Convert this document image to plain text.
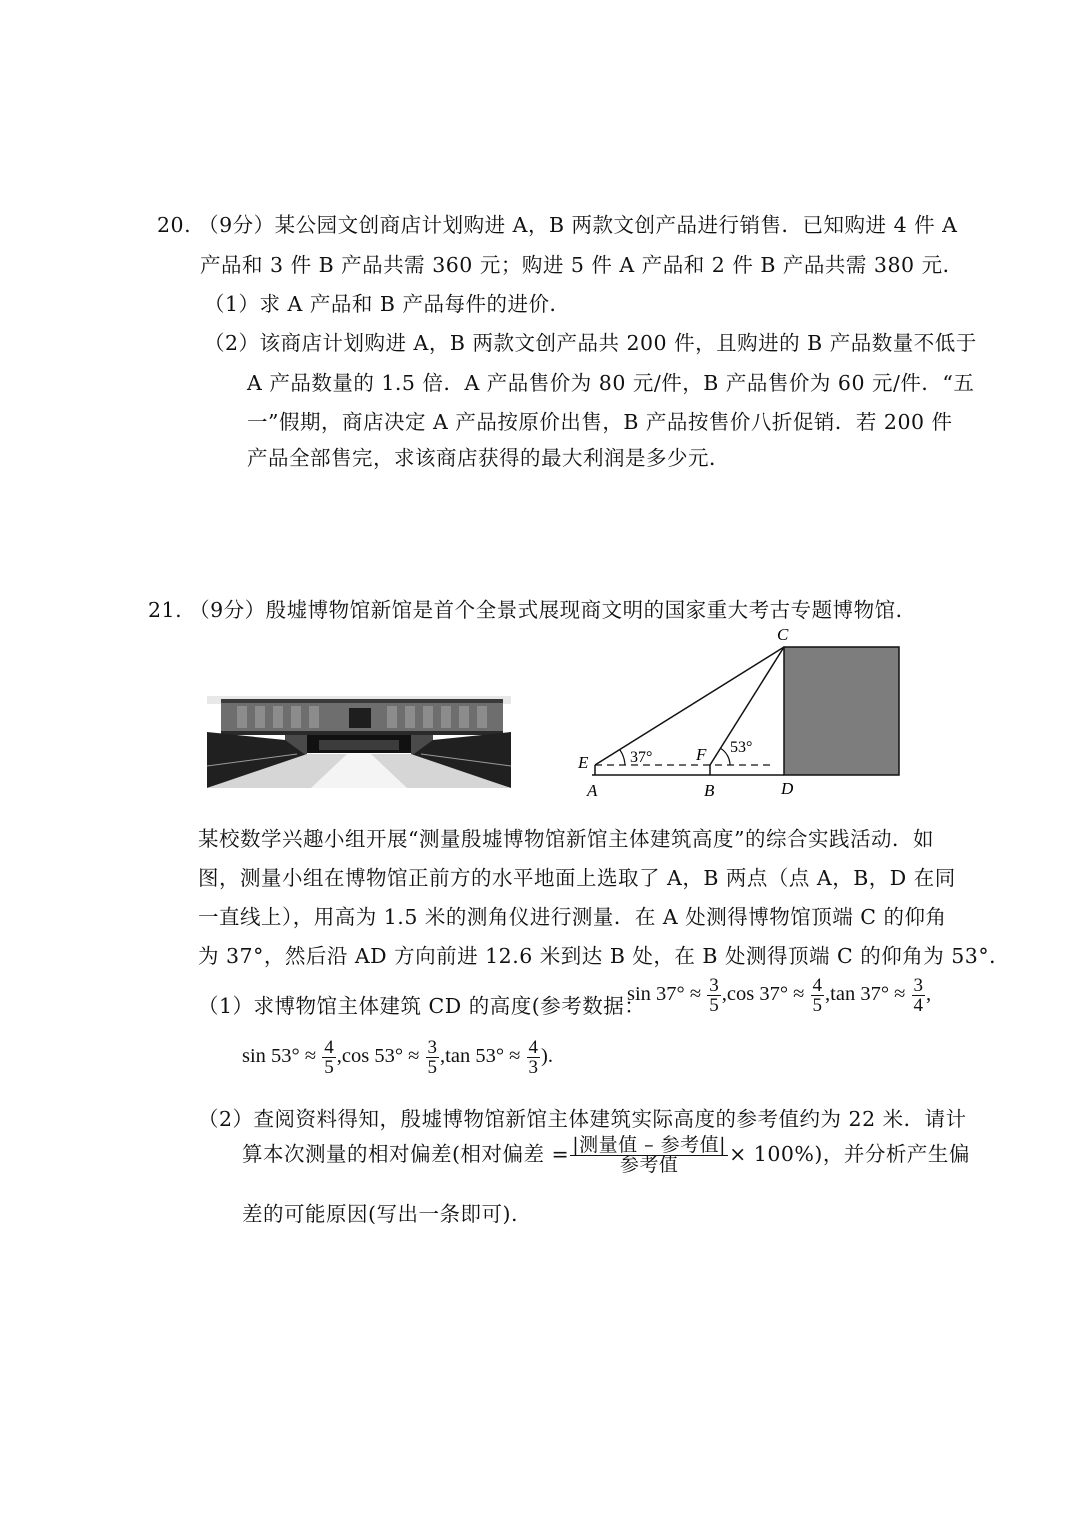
20. （9分）某公园文创商店计划购进 A，B 两款文创产品进行销售．已知购进 4 件 A
产品和 3 件 B 产品共需 360 元；购进 5 件 A 产品和 2 件 B 产品共需 380 元．
（1）求 A 产品和 B 产品每件的进价．
（2）该商店计划购进 A，B 两款文创产品共 200 件，且购进的 B 产品数量不低于
A 产品数量的 1.5 倍．A 产品售价为 80 元/件，B 产品售价为 60 元/件．“五
一”假期，商店决定 A 产品按原价出售，B 产品按售价八折促销．若 200 件
产品全部售完，求该商店获得的最大利润是多少元．
21. （9分）殷墟博物馆新馆是首个全景式展现商文明的国家重大考古专题博物馆．
C
E	F
A	B	D
37°
53°
某校数学兴趣小组开展“测量殷墟博物馆新馆主体建筑高度”的综合实践活动．如
图，测量小组在博物馆正前方的水平地面上选取了 A，B 两点（点 A，B，D 在同
一直线上），用高为 1.5 米的测角仪进行测量．在 A 处测得博物馆顶端 C 的仰角
为 37°，然后沿 AD 方向前进 12.6 米到达 B 处，在 B 处测得顶端 C 的仰角为 53°．
（1）求博物馆主体建筑 CD 的高度(参考数据：
$\sin 37^\circ \approx \frac{3}{5} ,\cos$ $37^\circ \approx \frac{4}{5} ,\tan$ $37^\circ \approx \frac{3}{4}$ ,
$\sin 53^\circ \approx \frac{4}{5} ,\cos$ $53^\circ \approx \frac{3}{5} ,\tan$ $53^\circ \approx \frac{4}{3}$ ).
（2）查阅资料得知，殷墟博物馆新馆主体建筑实际高度的参考值约为 22 米．请计
算本次测量的相对偏差(相对偏差 = $\frac{\text{|测量值 – 参考值|}}{\text{参考值}} \times 100\%$)，并分析产生偏
差的可能原因(写出一条即可).
